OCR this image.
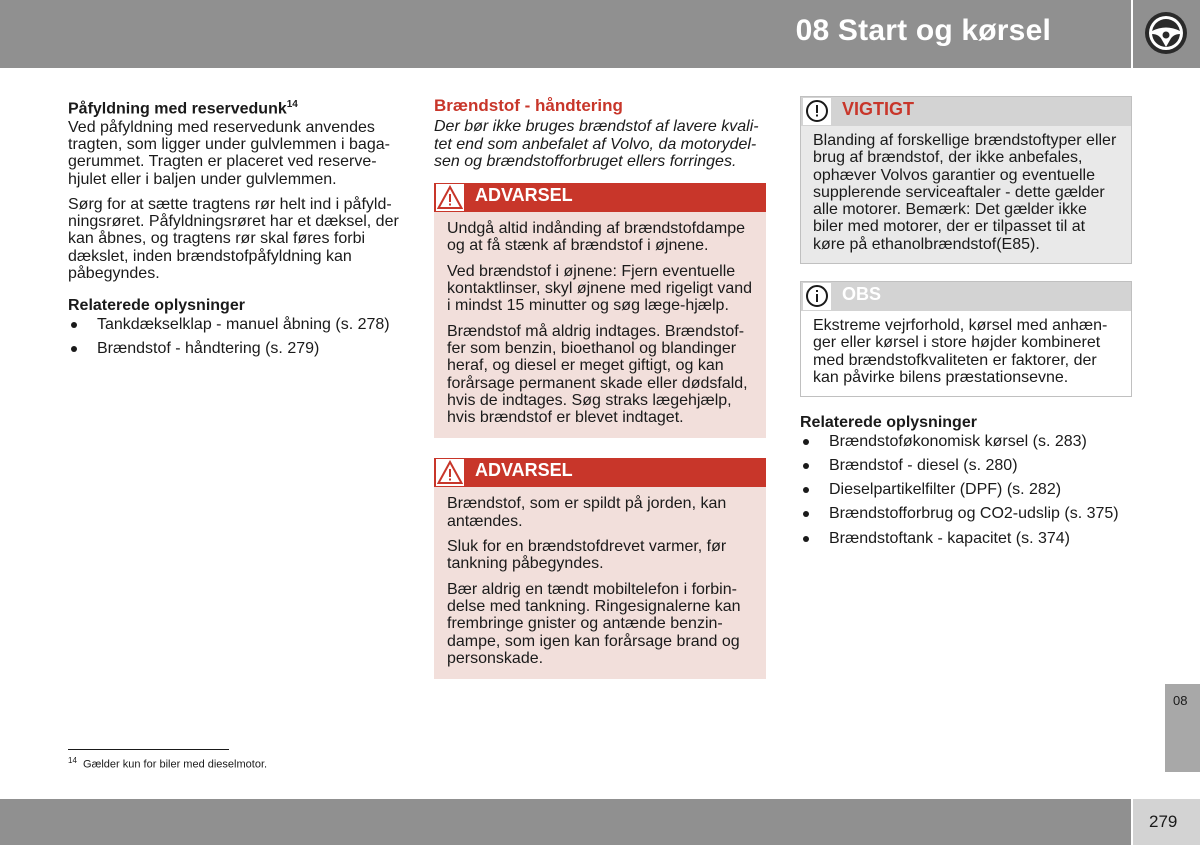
08 Start og kørsel
Påfyldning med reservedunk$^{14}$

Ved påfyldning med reservedunk anvendes tragten, som ligger under gulvlemmen i baga-gerummet. Tragten er placeret ved reserve-hjulet eller i baljen under gulvlemmen.

Sørg for at sætte tragtens rør helt ind i påfyld-ningsrøret. Påfyldningsrøret har et dæksel, der kan åbnes, og tragtens rør skal føres forbi dækslet, inden brændstofpåfyldning kan påbegyndes.

Relaterede oplysninger
Tankdækselklap - manuel åbning (s. 278)
Brændstof - håndtering (s. 279)
Brændstof - håndtering

Der bør ikke bruges brændstof af lavere kvali-tet end som anbefalet af Volvo, da motorydel-sen og brændstofforbruget ellers forringes.

ADVARSEL

Undgå altid indånding af brændstofdampe og at få stænk af brændstof i øjnene.

Ved brændstof i øjnene: Fjern eventuelle kontaktlinser, skyl øjnene med rigeligt vand i mindst 15 minutter og søg læge-hjælp.

Brændstof må aldrig indtages. Brændstof-fer som benzin, bioethanol og blandinger heraf, og diesel er meget giftigt, og kan forårsage permanent skade eller dødsfald, hvis de indtages. Søg straks lægehjælp, hvis brændstof er blevet indtaget.

ADVARSEL

Brændstof, som er spildt på jorden, kan antændes.

Sluk for en brændstofdrevet varmer, før tankning påbegyndes.

Bær aldrig en tændt mobiltelefon i forbin-delse med tankning. Ringesignalerne kan frembringe gnister og antænde benzin-dampe, som igen kan forårsage brand og personskade.

VIGTIGT

Blanding af forskellige brændstoftyper eller brug af brændstof, der ikke anbefales, ophæver Volvos garantier og eventuelle supplerende serviceaftaler - dette gælder alle motorer. Bemærk: Det gælder ikke biler med motorer, der er tilpasset til at køre på ethanolbrændstof(E85).

OBS

Ekstreme vejrforhold, kørsel med anhæn-ger eller kørsel i store højder kombineret med brændstofkvaliteten er faktorer, der kan påvirke bilens præstationsevne.

Relaterede oplysninger
Brændstoføkonomisk kørsel (s. 283)
Brændstof - diesel (s. 280)
Dieselpartikelfilter (DPF) (s. 282)
Brændstofforbrug og CO2-udslip (s. 375)
Brændstoftank - kapacitet (s. 374)
$^{14}$ Gælder kun for biler med dieselmotor.
08
279
